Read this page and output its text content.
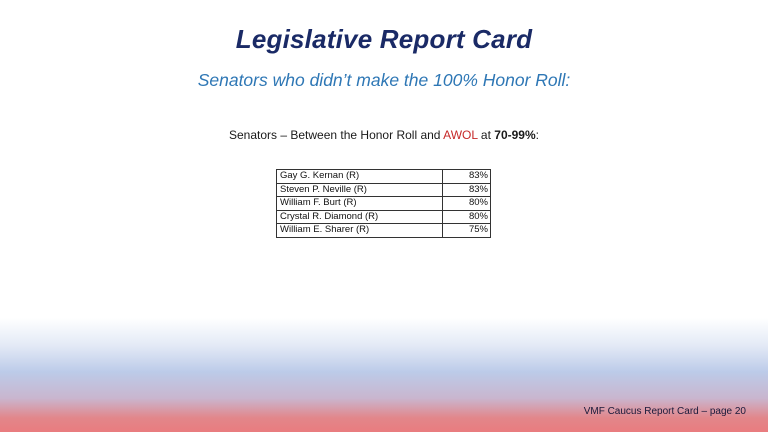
Legislative Report Card
Senators who didn’t make the 100% Honor Roll:
Senators – Between the Honor Roll and AWOL at 70-99%:
Gay G. Kernan (R)	83%
Steven P. Neville (R)	83%
William F. Burt (R)	80%
Crystal R. Diamond (R)	80%
William E. Sharer (R)	75%
VMF Caucus Report Card – page 20
